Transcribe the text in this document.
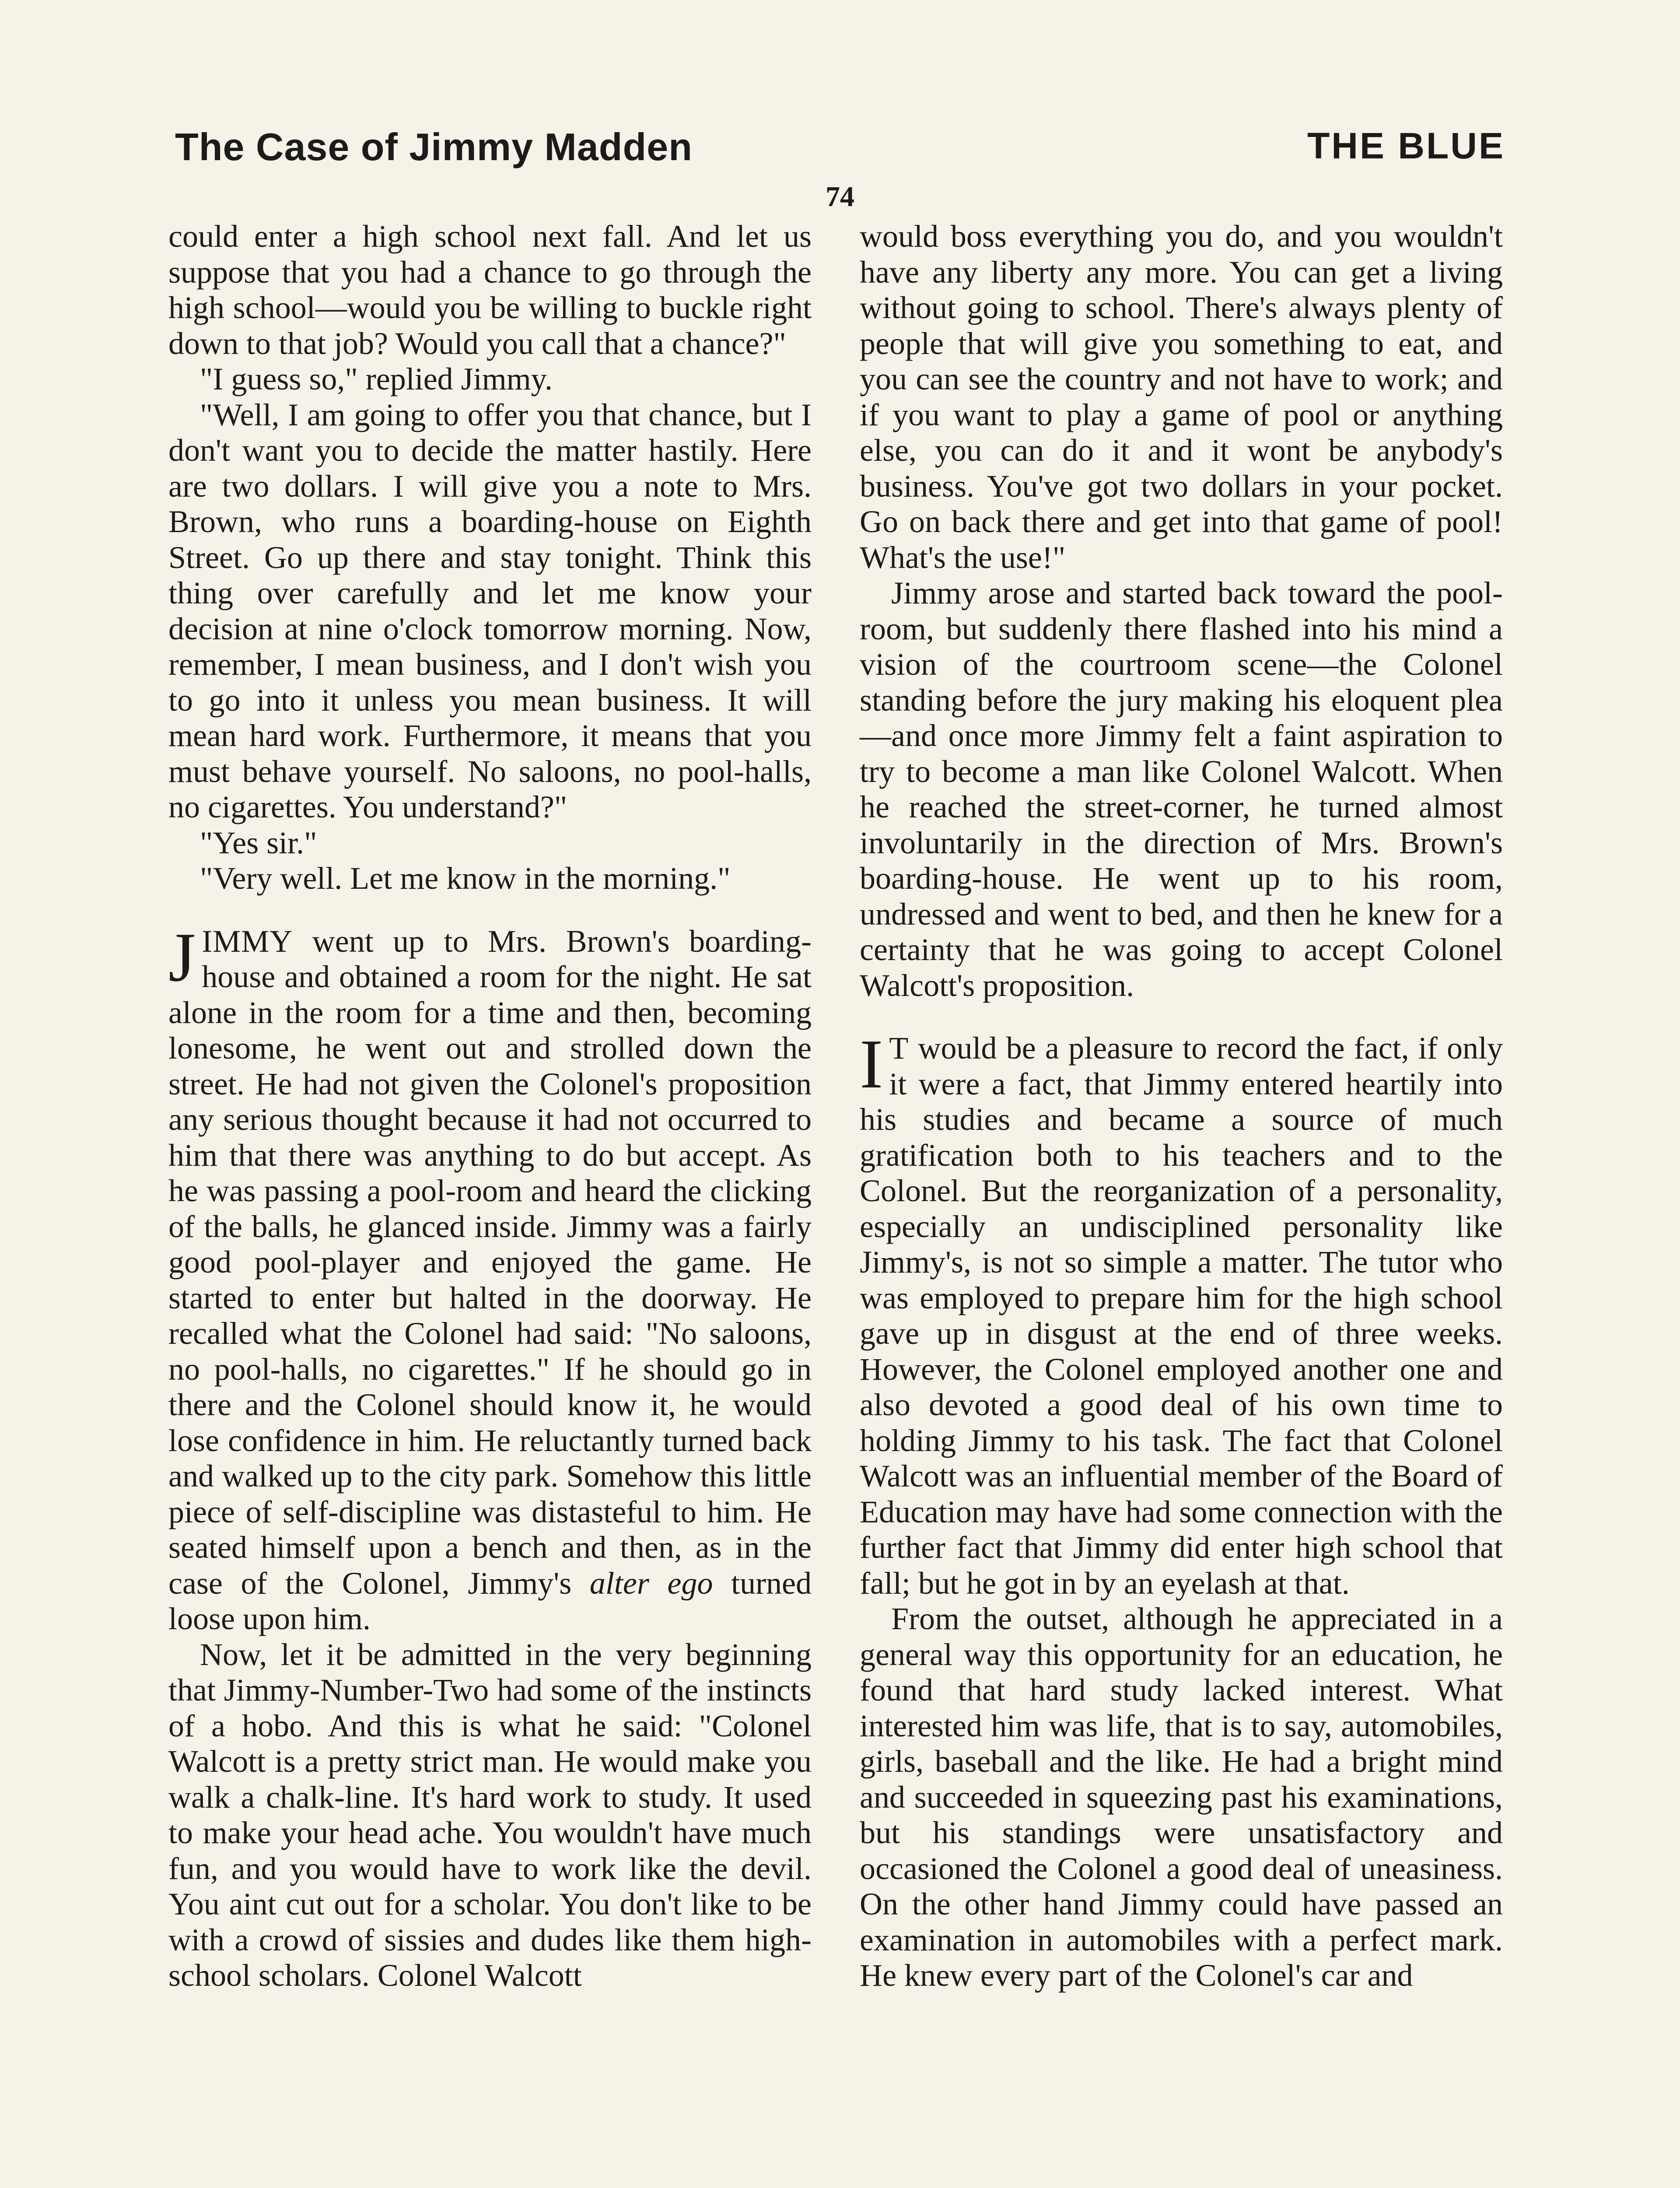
The Case of Jimmy Madden	THE BLUE
74

could enter a high school next fall. And let us suppose that you had a chance to go through the high school—would you be willing to buckle right down to that job? Would you call that a chance?"

"I guess so," replied Jimmy.

"Well, I am going to offer you that chance, but I don't want you to decide the matter hastily. Here are two dollars. I will give you a note to Mrs. Brown, who runs a boarding-house on Eighth Street. Go up there and stay tonight. Think this thing over carefully and let me know your decision at nine o'clock tomorrow morning. Now, remember, I mean business, and I don't wish you to go into it unless you mean business. It will mean hard work. Furthermore, it means that you must behave yourself. No saloons, no pool-halls, no cigarettes. You understand?"

"Yes sir."

"Very well. Let me know in the morning."

JIMMY went up to Mrs. Brown's boarding-house and obtained a room for the night. He sat alone in the room for a time and then, becoming lonesome, he went out and strolled down the street. He had not given the Colonel's proposition any serious thought because it had not occurred to him that there was anything to do but accept. As he was passing a pool-room and heard the clicking of the balls, he glanced inside. Jimmy was a fairly good pool-player and enjoyed the game. He started to enter but halted in the doorway. He recalled what the Colonel had said: "No saloons, no pool-halls, no cigarettes." If he should go in there and the Colonel should know it, he would lose confidence in him. He reluctantly turned back and walked up to the city park. Somehow this little piece of self-discipline was distasteful to him. He seated himself upon a bench and then, as in the case of the Colonel, Jimmy's alter ego turned loose upon him.

Now, let it be admitted in the very beginning that Jimmy-Number-Two had some of the instincts of a hobo. And this is what he said: "Colonel Walcott is a pretty strict man. He would make you walk a chalk-line. It's hard work to study. It used to make your head ache. You wouldn't have much fun, and you would have to work like the devil. You aint cut out for a scholar. You don't like to be with a crowd of sissies and dudes like them high-school scholars. Colonel Walcott

would boss everything you do, and you wouldn't have any liberty any more. You can get a living without going to school. There's always plenty of people that will give you something to eat, and you can see the country and not have to work; and if you want to play a game of pool or anything else, you can do it and it wont be anybody's business. You've got two dollars in your pocket. Go on back there and get into that game of pool! What's the use!"

Jimmy arose and started back toward the pool-room, but suddenly there flashed into his mind a vision of the courtroom scene—the Colonel standing before the jury making his eloquent plea—and once more Jimmy felt a faint aspiration to try to become a man like Colonel Walcott. When he reached the street-corner, he turned almost involuntarily in the direction of Mrs. Brown's boarding-house. He went up to his room, undressed and went to bed, and then he knew for a certainty that he was going to accept Colonel Walcott's proposition.

I T would be a pleasure to record the fact, if only it were a fact, that Jimmy entered heartily into his studies and became a source of much gratification both to his teachers and to the Colonel. But the reorganization of a personality, especially an undisciplined personality like Jimmy's, is not so simple a matter. The tutor who was employed to prepare him for the high school gave up in disgust at the end of three weeks. However, the Colonel employed another one and also devoted a good deal of his own time to holding Jimmy to his task. The fact that Colonel Walcott was an influential member of the Board of Education may have had some connection with the further fact that Jimmy did enter high school that fall; but he got in by an eyelash at that.

From the outset, although he appreciated in a general way this opportunity for an education, he found that hard study lacked interest. What interested him was life, that is to say, automobiles, girls, baseball and the like. He had a bright mind and succeeded in squeezing past his examinations, but his standings were unsatisfactory and occasioned the Colonel a good deal of uneasiness. On the other hand Jimmy could have passed an examination in automobiles with a perfect mark. He knew every part of the Colonel's car and
